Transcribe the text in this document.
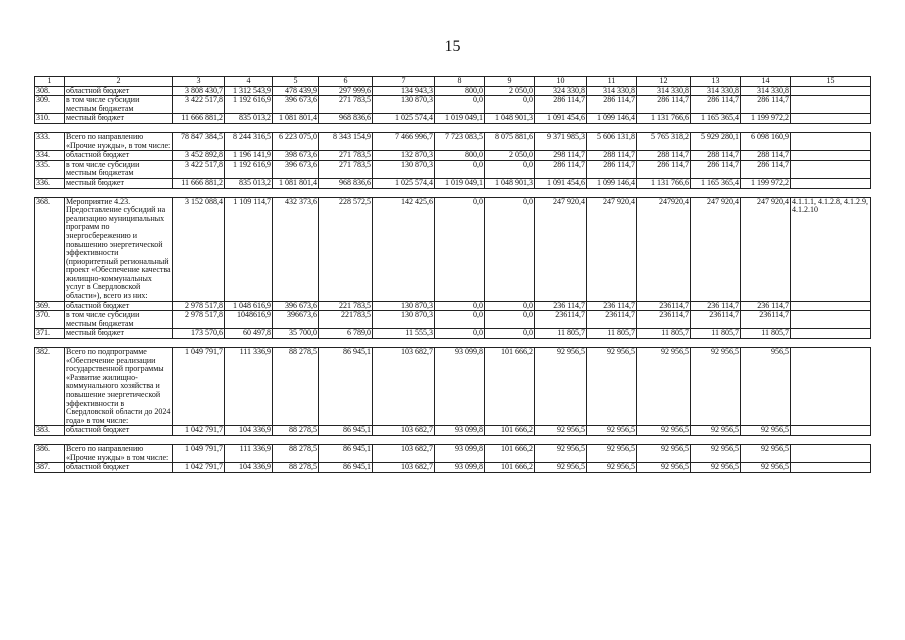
15
1	2	3	4	5	6	7	8	9	10	11	12	13	14	15
308.	областной бюджет	3 808 430,7	1 312 543,9	478 439,9	297 999,6	134 943,3	800,0	2 050,0	324 330,8	314 330,8	314 330,8	314 330,8	314 330,8	
309.	в том числе субсидии местным бюджетам	3 422 517,8	1 192 616,9	396 673,6	271 783,5	130 870,3	0,0	0,0	286 114,7	286 114,7	286 114,7	286 114,7	286 114,7	
310.	местный бюджет	11 666 881,2	835 013,2	1 081 801,4	968 836,6	1 025 574,4	1 019 049,1	1 048 901,3	1 091 454,6	1 099 146,4	1 131 766,6	1 165 365,4	1 199 972,2	

333.	Всего по направлению «Прочие нужды», в том числе:	78 847 384,5	8 244 316,5	6 223 075,0	8 343 154,9	7 466 996,7	7 723 083,5	8 075 881,6	9 371 985,3	5 606 131,8	5 765 318,2	5 929 280,1	6 098 160,9	
334.	областной бюджет	3 452 892,8	1 196 141,9	398 673,6	271 783,5	132 870,3	800,0	2 050,0	298 114,7	288 114,7	288 114,7	288 114,7	288 114,7	
335.	в том числе субсидии местным бюджетам	3 422 517,8	1 192 616,9	396 673,6	271 783,5	130 870,3	0,0	0,0	286 114,7	286 114,7	286 114,7	286 114,7	286 114,7	
336.	местный бюджет	11 666 881,2	835 013,2	1 081 801,4	968 836,6	1 025 574,4	1 019 049,1	1 048 901,3	1 091 454,6	1 099 146,4	1 131 766,6	1 165 365,4	1 199 972,2	

368.	Мероприятие 4.23. Предоставление субсидий на реализацию муниципальных программ по энергосбережению и повышению энергетической эффективности (приоритетный региональный проект «Обеспечение качества жилищно-коммунальных услуг в Свердловской области»), всего из них:	3 152 088,4	1 109 114,7	432 373,6	228 572,5	142 425,6	0,0	0,0	247 920,4	247 920,4	247920,4	247 920,4	247 920,4	4.1.1.1, 4.1.2.8, 4.1.2.9, 4.1.2.10
369.	областной бюджет	2 978 517,8	1 048 616,9	396 673,6	221 783,5	130 870,3	0,0	0,0	236 114,7	236 114,7	236114,7	236 114,7	236 114,7	
370.	в том числе субсидии местным бюджетам	2 978 517,8	1048616,9	396673,6	221783,5	130 870,3	0,0	0,0	236114,7	236114,7	236114,7	236114,7	236114,7	
371.	местный бюджет	173 570,6	60 497,8	35 700,0	6 789,0	11 555,3	0,0	0,0	11 805,7	11 805,7	11 805,7	11 805,7	11 805,7	

382.	Всего по подпрограмме «Обеспечение реализации государственной программы «Развитие жилищно-коммунального хозяйства и повышение энергетической эффективности в Свердловской области до 2024 года» в том числе:	1 049 791,7	111 336,9	88 278,5	86 945,1	103 682,7	93 099,8	101 666,2	92 956,5	92 956,5	92 956,5	92 956,5	956,5	
383.	областной бюджет	1 042 791,7	104 336,9	88 278,5	86 945,1	103 682,7	93 099,8	101 666,2	92 956,5	92 956,5	92 956,5	92 956,5	92 956,5	

386.	Всего по направлению «Прочие нужды» в том числе:	1 049 791,7	111 336,9	88 278,5	86 945,1	103 682,7	93 099,8	101 666,2	92 956,5	92 956,5	92 956,5	92 956,5	92 956,5	
387.	областной бюджет	1 042 791,7	104 336,9	88 278,5	86 945,1	103 682,7	93 099,8	101 666,2	92 956,5	92 956,5	92 956,5	92 956,5	92 956,5	
